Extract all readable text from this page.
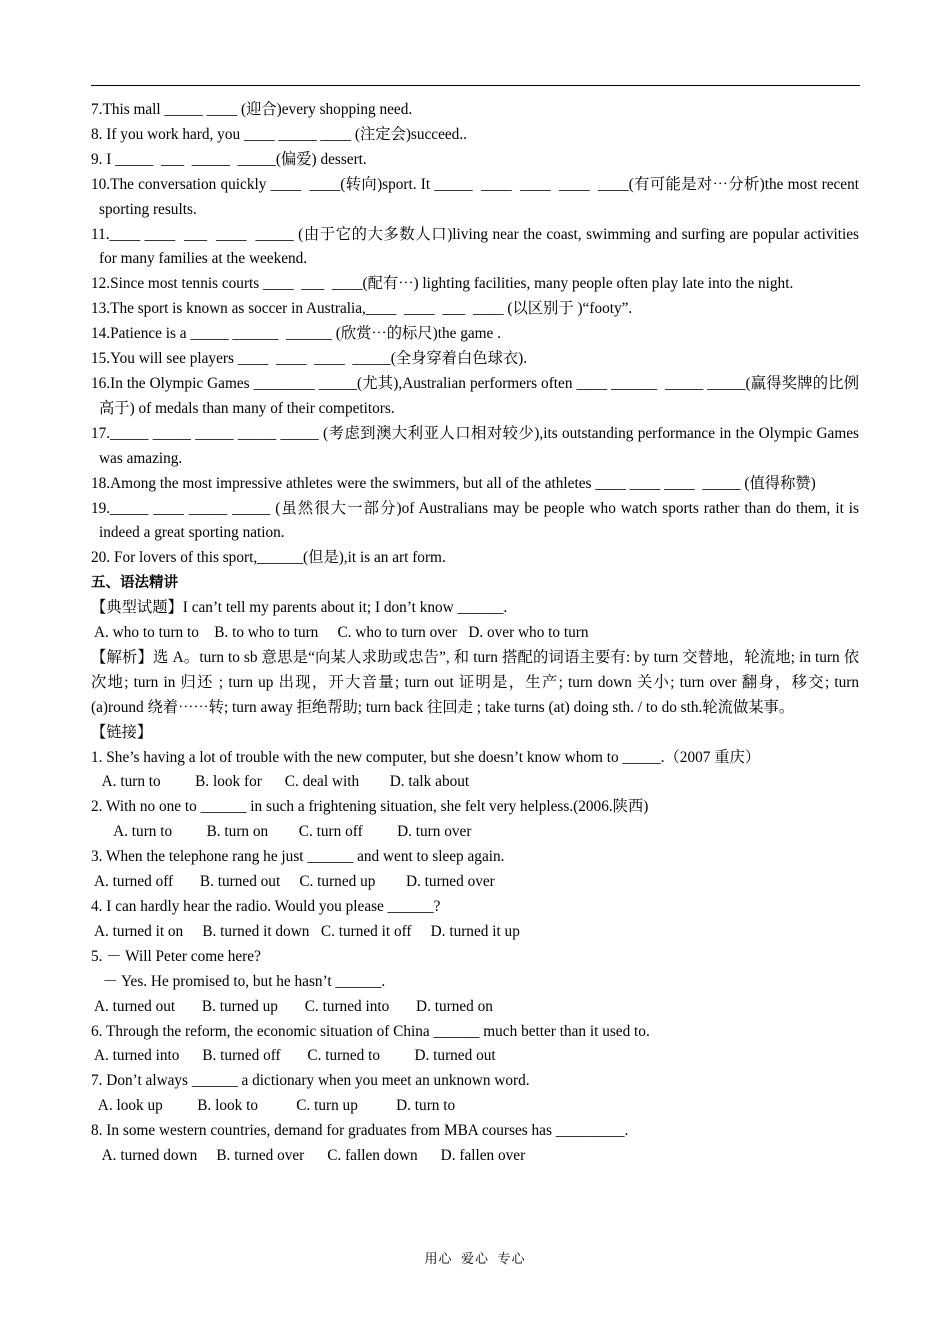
7.This mall _____ ____ (迎合)every shopping need.

8. If you work hard, you ____ _____ ____ (注定会)succeed..

9. I _____  ___  _____  _____(偏爱) dessert.

10.The conversation quickly ____  ____(转向)sport. It _____  ____  ____  ____  ____(有可能是对⋯分析)the most recent sporting results.

11.____ ____  ___  ____  _____ (由于它的大多数人口)living near the coast, swimming and surfing are popular activities for many families at the weekend.

12.Since most tennis courts ____  ___  ____(配有⋯) lighting facilities, many people often play late into the night.

13.The sport is known as soccer in Australia,____  ____  ___  ____ (以区别于 )“footy”.

14.Patience is a _____ ______  ______ (欣赏⋯的标尺)the game .

15.You will see players ____  ____  ____  _____(全身穿着白色球衣).

16.In the Olympic Games ________ _____(尤其),Australian performers often ____ ______  _____ _____(赢得奖牌的比例高于) of medals than many of their competitors.

17._____ _____ _____ _____ _____ (考虑到澳大利亚人口相对较少),its outstanding performance in the Olympic Games was amazing.

18.Among the most impressive athletes were the swimmers, but all of the athletes ____ ____ ____  _____ (值得称赞)

19._____ ____ _____ _____ (虽然很大一部分)of Australians may be people who watch sports rather than do them, it is indeed a great sporting nation.

20. For lovers of this sport,______(但是),it is an art form.

五、语法精讲

【典型试题】I can’t tell my parents about it; I don’t know ______.

A. who to turn to    B. to who to turn     C. who to turn over   D. over who to turn

【解析】选 A。turn to sb 意思是“向某人求助或忠告”, 和 turn 搭配的词语主要有: by turn 交替地，轮流地; in turn 依次地; turn in 归还 ; turn up 出现，开大音量; turn out 证明是，生产; turn down 关小; turn over 翻身，移交; turn (a)round 绕着⋯⋯转; turn away 拒绝帮助; turn back 往回走 ; take turns (at) doing sth. / to do sth.轮流做某事。

【链接】

1. She’s having a lot of trouble with the new computer, but she doesn’t know whom to _____.（2007 重庆）

A. turn to         B. look for      C. deal with        D. talk about

2. With no one to ______ in such a frightening situation, she felt very helpless.(2006.陕西)

A. turn to         B. turn on        C. turn off         D. turn over

3. When the telephone rang he just ______ and went to sleep again.

A. turned off       B. turned out     C. turned up        D. turned over

4. I can hardly hear the radio. Would you please ______?

A. turned it on     B. turned it down   C. turned it off     D. turned it up

5. － Will Peter come here?

－ Yes. He promised to, but he hasn’t ______.

A. turned out       B. turned up       C. turned into       D. turned on

6. Through the reform, the economic situation of China ______ much better than it used to.

A. turned into      B. turned off       C. turned to         D. turned out

7. Don’t always ______ a dictionary when you meet an unknown word.

A. look up         B. look to          C. turn up          D. turn to

8. In some western countries, demand for graduates from MBA courses has _________.

A. turned down     B. turned over      C. fallen down      D. fallen over

用心  爱心  专心
